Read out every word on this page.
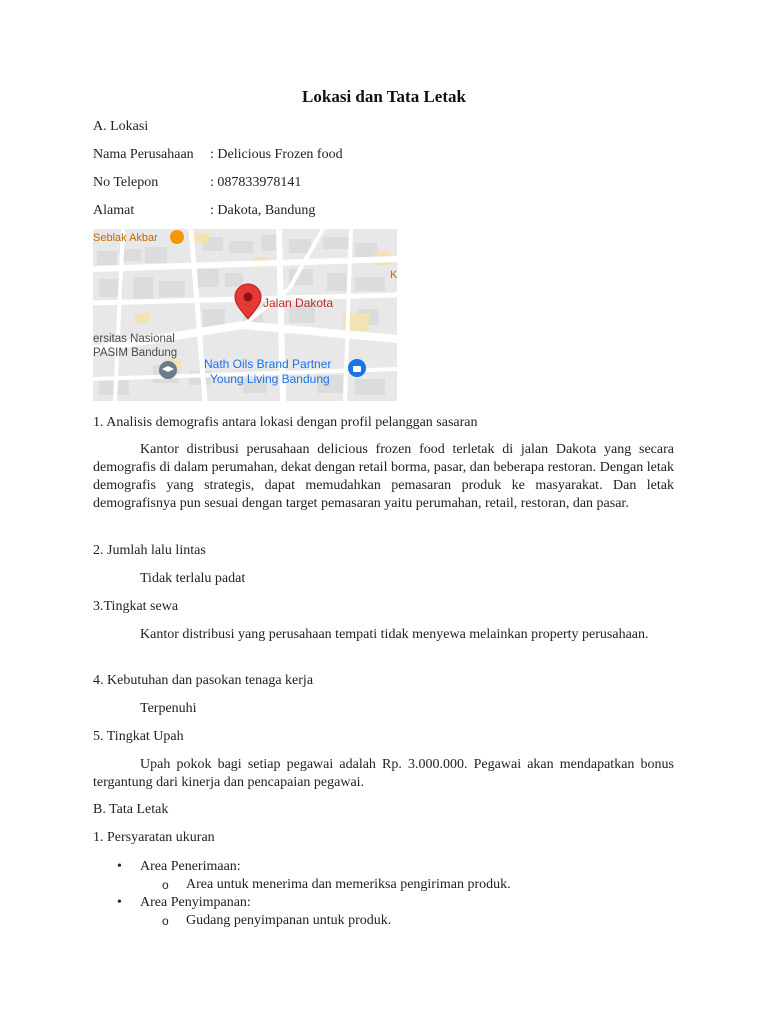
Lokasi dan Tata Letak
A. Lokasi
Nama Perusahaan : Delicious Frozen food
No Telepon	: 087833978141
Alamat	: Dakota, Bandung
Seblak Akbar
K
Jalan Dakota
ersitas Nasional
PASIM Bandung
Nath Oils Brand Partner
Young Living Bandung
1. Analisis demografis antara lokasi dengan profil pelanggan sasaran
Kantor distribusi perusahaan delicious frozen food terletak di jalan Dakota yang secara demografis di dalam perumahan, dekat dengan retail borma, pasar, dan beberapa restoran. Dengan letak demografis yang strategis, dapat memudahkan pemasaran produk ke masyarakat. Dan letak demografisnya pun sesuai dengan target pemasaran yaitu perumahan, retail, restoran, dan pasar.
2. Jumlah lalu lintas
Tidak terlalu padat
3.Tingkat sewa
Kantor distribusi yang perusahaan tempati tidak menyewa melainkan property perusahaan.
4. Kebutuhan dan pasokan tenaga kerja
Terpenuhi
5. Tingkat Upah
Upah pokok bagi setiap pegawai adalah Rp. 3.000.000. Pegawai akan mendapatkan bonus tergantung dari kinerja dan pencapaian pegawai.
B. Tata Letak
1. Persyaratan ukuran
• Area Penerimaan:
o Area untuk menerima dan memeriksa pengiriman produk.
• Area Penyimpanan:
o Gudang penyimpanan untuk produk.
